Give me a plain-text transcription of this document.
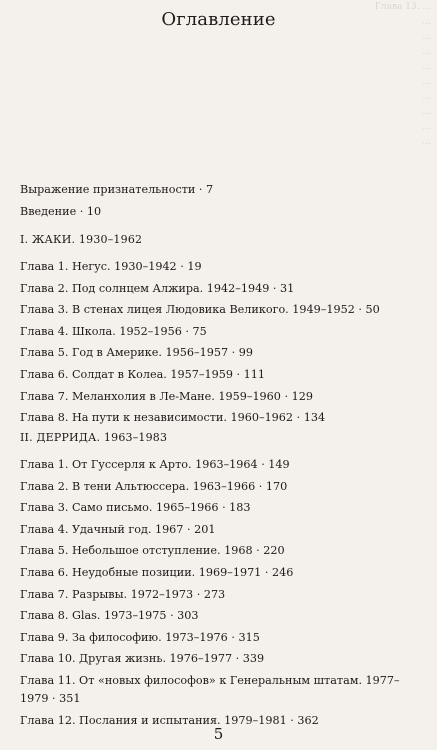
Глава 13. ...
...
...
...
...
...
...
...
...
...
Оглавление
Выражение признательности · 7
Введение · 10
I. ЖАКИ. 1930–1962
Глава 1. Негус. 1930–1942 · 19
Глава 2. Под солнцем Алжира. 1942–1949 · 31
Глава 3. В стенах лицея Людовика Великого. 1949–1952 · 50
Глава 4. Школа. 1952–1956 · 75
Глава 5. Год в Америке. 1956–1957 · 99
Глава 6. Солдат в Колеа. 1957–1959 · 111
Глава 7. Меланхолия в Ле-Мане. 1959–1960 · 129
Глава 8. На пути к независимости. 1960–1962 · 134
II. ДЕРРИДА. 1963–1983
Глава 1. От Гуссерля к Арто. 1963–1964 · 149
Глава 2. В тени Альтюссера. 1963–1966 · 170
Глава 3. Само письмо. 1965–1966 · 183
Глава 4. Удачный год. 1967 · 201
Глава 5. Небольшое отступление. 1968 · 220
Глава 6. Неудобные позиции. 1969–1971 · 246
Глава 7. Разрывы. 1972–1973 · 273
Глава 8. Glas. 1973–1975 · 303
Глава 9. За философию. 1973–1976 · 315
Глава 10. Другая жизнь. 1976–1977 · 339
Глава 11. От «новых философов» к Генеральным штатам. 1977–1979 · 351
Глава 12. Послания и испытания. 1979–1981 · 362
5
